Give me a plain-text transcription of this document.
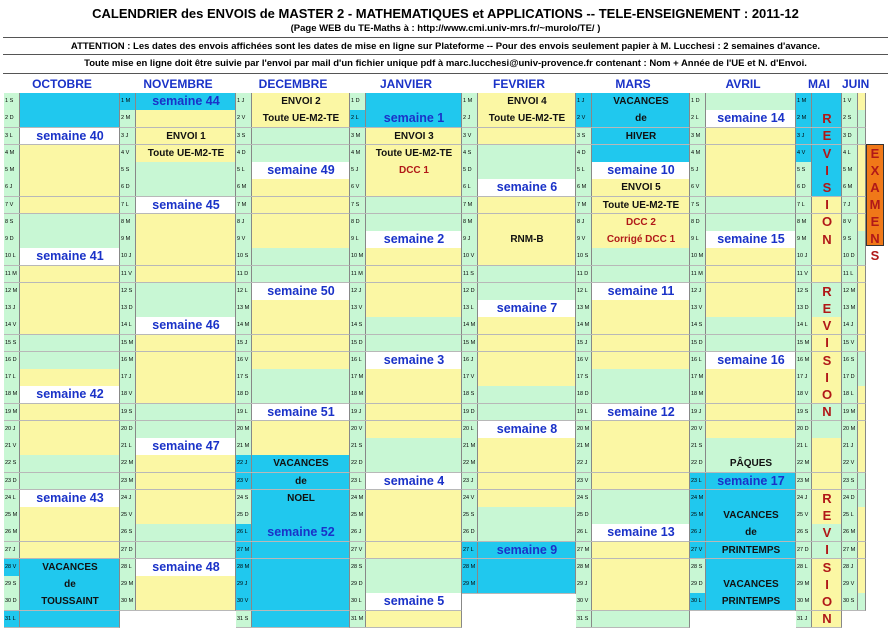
CALENDRIER des ENVOIS de MASTER 2 - MATHEMATIQUES et APPLICATIONS -- TELE-ENSEIGNEMENT : 2011-12
(Page WEB du TE-Maths à : http://www.cmi.univ-mrs.fr/~murolo/TE/ )
ATTENTION : Les dates des envois affichées sont les dates de mise en ligne sur Plateforme -- Pour des envois seulement papier à M. Lucchesi : 2 semaines d'avance.
Toute mise en ligne doit être suivie par l'envoi par mail d'un fichier unique pdf à marc.lucchesi@univ-provence.fr contenant : Nom + Année de l'UE et N. d'Envoi.
OCTOBRE
1 S
2 D
3 L
4 M
5 M
6 J
7 V
8 S
9 D
10 L
11 M
12 M
13 J
14 V
15 S
16 D
17 L
18 M
19 M
20 J
21 V
22 S
23 D
24 L
25 M
26 M
27 J
28 V
29 S
30 D
31 L
NOVEMBRE
1 M
2 M
3 J
4 V
5 S
6 D
7 L
8 M
9 M
10 J
11 V
12 S
13 D
14 L
15 M
16 M
17 J
18 V
19 S
20 D
21 L
22 M
23 M
24 J
25 V
26 S
27 D
28 L
29 M
30 M
DECEMBRE
1 J
2 V
3 S
4 D
5 L
6 M
7 M
8 J
9 V
10 S
11 D
12 L
13 M
14 M
15 J
16 V
17 S
18 D
19 L
20 M
21 M
22 J
23 V
24 S
25 D
26 L
27 M
28 M
29 J
30 V
31 S
JANVIER
1 D
2 L
3 M
4 M
5 J
6 V
7 S
8 D
9 L
10 M
11 M
12 J
13 V
14 S
15 D
16 L
17 M
18 M
19 J
20 V
21 S
22 D
23 L
24 M
25 M
26 J
27 V
28 S
29 D
30 L
31 M
FEVRIER
1 M
2 J
3 V
4 S
5 D
6 L
7 M
8 M
9 J
10 V
11 S
12 D
13 L
14 M
15 M
16 J
17 V
18 S
19 D
20 L
21 M
22 M
23 J
24 V
25 S
26 D
27 L
28 M
29 M
MARS
1 J
2 V
3 S
4 D
5 L
6 M
7 M
8 J
9 V
10 S
11 D
12 L
13 M
14 M
15 J
16 V
17 S
18 D
19 L
20 M
21 M
22 J
23 V
24 S
25 D
26 L
27 M
28 M
29 J
30 V
31 S
AVRIL
1 D
2 L
3 M
4 M
5 J
6 V
7 S
8 D
9 L
10 M
11 M
12 J
13 V
14 S
15 D
16 L
17 M
18 M
19 J
20 V
21 S
22 D
23 L
24 M
25 M
26 J
27 V
28 S
29 D
30 L
MAI
1 M
2 M
3 J
4 V
5 S
6 D
7 L
8 M
9 M
10 J
11 V
12 S
13 D
14 L
15 M
16 M
17 J
18 V
19 S
20 D
21 L
22 M
23 M
24 J
25 V
26 S
27 D
28 L
29 M
30 M
31 J
JUIN
1 V
2 S
3 D
4 L
5 M
6 M
7 J
8 V
9 S
10 D
11 L
12 M
13 M
14 J
15 V
16 S
17 D
18 L
19 M
20 M
21 J
22 V
23 S
24 D
25 L
26 M
27 M
28 J
29 V
30 S
semaine 40
semaine 41
semaine 42
semaine 43
VACANCES
de
TOUSSAINT
semaine 44
ENVOI 1
Toute UE-M2-TE
semaine 45
semaine 46
semaine 47
semaine 48
ENVOI 2
Toute UE-M2-TE
semaine 49
semaine 50
semaine 51
VACANCES
de
NOEL
semaine 52
semaine 1
ENVOI 3
Toute UE-M2-TE
DCC 1
semaine 2
semaine 3
semaine 4
semaine 5
ENVOI 4
Toute UE-M2-TE
semaine 6
RNM-B
semaine 7
semaine 8
semaine 9
VACANCES
de
HIVER
semaine 10
ENVOI 5
Toute UE-M2-TE
DCC 2
Corrigé DCC 1
semaine 11
semaine 12
semaine 13
semaine 14
semaine 15
semaine 16
PÂQUES
semaine 17
VACANCES
de
PRINTEMPS
VACANCES
PRINTEMPS
R
E
V
I
S
I
O
N

R
E
V
I
S
I
O
N

R
E
V
I
S
I
O
N

E
X
A
M
E
N
S
